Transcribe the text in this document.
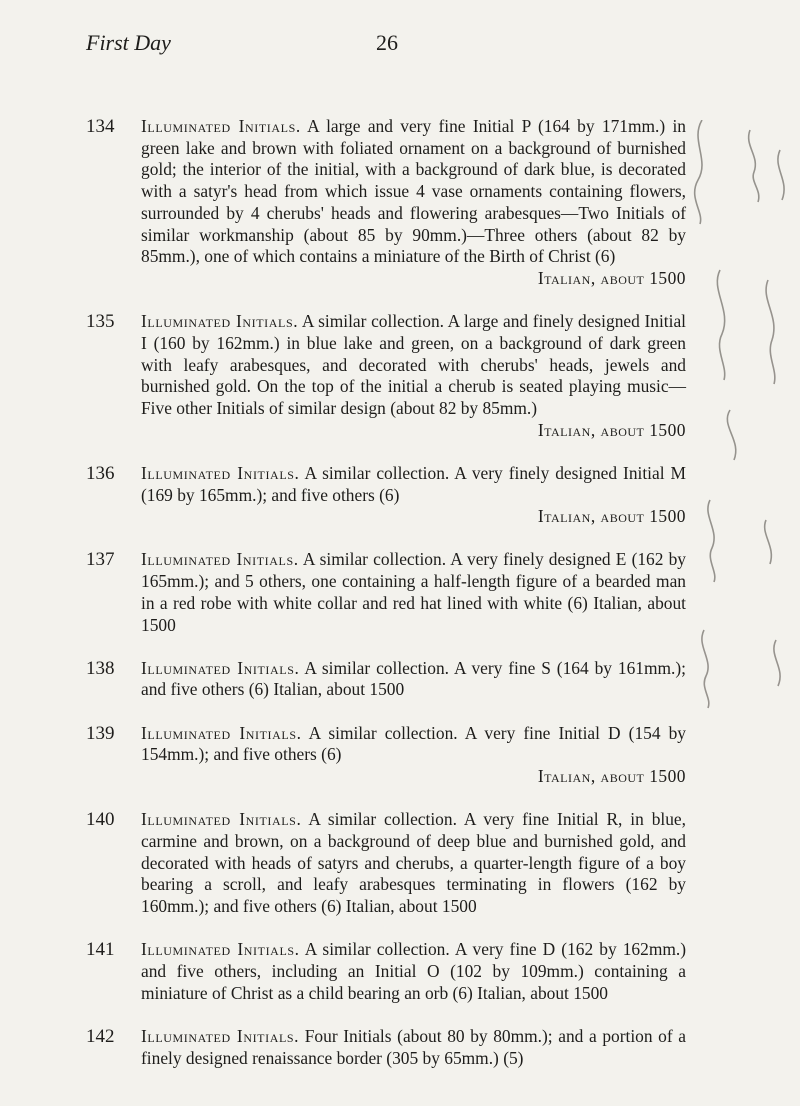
First Day	26
134 Illuminated Initials. A large and very fine Initial P (164 by 171mm.) in green lake and brown with foliated ornament on a background of burnished gold; the interior of the initial, with a background of dark blue, is decorated with a satyr's head from which issue 4 vase ornaments containing flowers, surrounded by 4 cherubs' heads and flowering arabesques—Two Initials of similar workmanship (about 85 by 90mm.)—Three others (about 82 by 85mm.), one of which contains a miniature of the Birth of Christ (6)
Italian, about 1500
135 Illuminated Initials. A similar collection. A large and finely designed Initial I (160 by 162mm.) in blue lake and green, on a background of dark green with leafy arabesques, and decorated with cherubs' heads, jewels and burnished gold. On the top of the initial a cherub is seated playing music—Five other Initials of similar design (about 82 by 85mm.)
Italian, about 1500
136 Illuminated Initials. A similar collection. A very finely designed Initial M (169 by 165mm.); and five others (6)
Italian, about 1500
137 Illuminated Initials. A similar collection. A very finely designed E (162 by 165mm.); and 5 others, one containing a half-length figure of a bearded man in a red robe with white collar and red hat lined with white (6) Italian, about 1500
138 Illuminated Initials. A similar collection. A very fine S (164 by 161mm.); and five others (6) Italian, about 1500
139 Illuminated Initials. A similar collection. A very fine Initial D (154 by 154mm.); and five others (6)
Italian, about 1500
140 Illuminated Initials. A similar collection. A very fine Initial R, in blue, carmine and brown, on a background of deep blue and burnished gold, and decorated with heads of satyrs and cherubs, a quarter-length figure of a boy bearing a scroll, and leafy arabesques terminating in flowers (162 by 160mm.); and five others (6) Italian, about 1500
141 Illuminated Initials. A similar collection. A very fine D (162 by 162mm.) and five others, including an Initial O (102 by 109mm.) containing a miniature of Christ as a child bearing an orb (6) Italian, about 1500
142 Illuminated Initials. Four Initials (about 80 by 80mm.); and a portion of a finely designed renaissance border (305 by 65mm.) (5)
